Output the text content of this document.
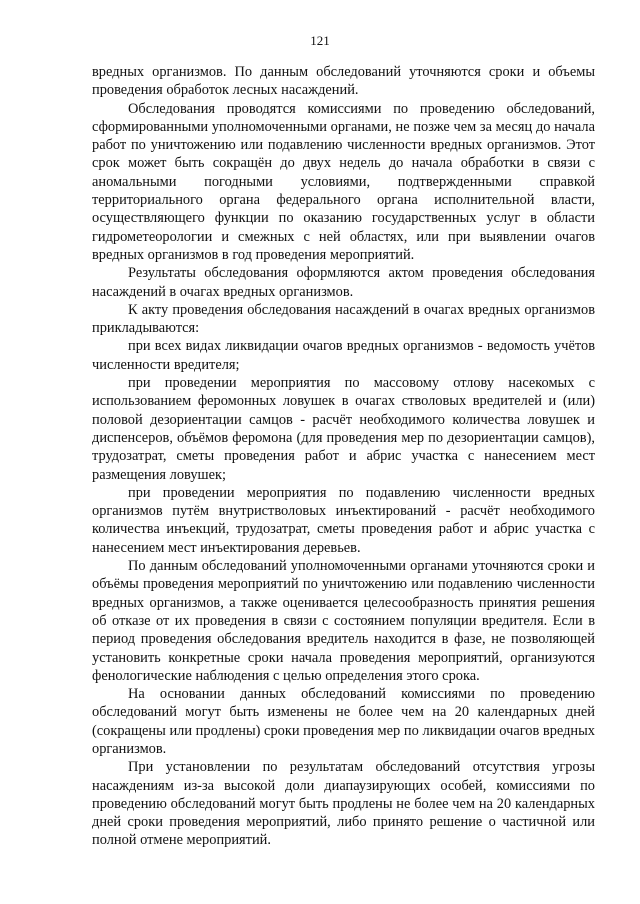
121

вредных организмов. По данным обследований уточняются сроки и объемы проведения обработок лесных насаждений.

Обследования проводятся комиссиями по проведению обследований, сформированными уполномоченными органами, не позже чем за месяц до начала работ по уничтожению или подавлению численности вредных организмов. Этот срок может быть сокращён до двух недель до начала обработки в связи с аномальными погодными условиями, подтвержденными справкой территориального органа федерального органа исполнительной власти, осуществляющего функции по оказанию государственных услуг в области гидрометеорологии и смежных с ней областях, или при выявлении очагов вредных организмов в год проведения мероприятий.

Результаты обследования оформляются актом проведения обследования насаждений в очагах вредных организмов.

К акту проведения обследования насаждений в очагах вредных организмов прикладываются:

при всех видах ликвидации очагов вредных организмов - ведомость учётов численности вредителя;

при проведении мероприятия по массовому отлову насекомых с использованием феромонных ловушек в очагах стволовых вредителей и (или) половой дезориентации самцов - расчёт необходимого количества ловушек и диспенсеров, объёмов феромона (для проведения мер по дезориентации самцов), трудозатрат, сметы проведения работ и абрис участка с нанесением мест размещения ловушек;

при проведении мероприятия по подавлению численности вредных организмов путём внутристволовых инъектирований - расчёт необходимого количества инъекций, трудозатрат, сметы проведения работ и абрис участка с нанесением мест инъектирования деревьев.

По данным обследований уполномоченными органами уточняются сроки и объёмы проведения мероприятий по уничтожению или подавлению численности вредных организмов, а также оценивается целесообразность принятия решения об отказе от их проведения в связи с состоянием популяции вредителя. Если в период проведения обследования вредитель находится в фазе, не позволяющей установить конкретные сроки начала проведения мероприятий, организуются фенологические наблюдения с целью определения этого срока.

На основании данных обследований комиссиями по проведению обследований могут быть изменены не более чем на 20 календарных дней (сокращены или продлены) сроки проведения мер по ликвидации очагов вредных организмов.

При установлении по результатам обследований отсутствия угрозы насаждениям из-за высокой доли диапаузирующих особей, комиссиями по проведению обследований могут быть продлены не более чем на 20 календарных дней сроки проведения мероприятий, либо принято решение о частичной или полной отмене мероприятий.
